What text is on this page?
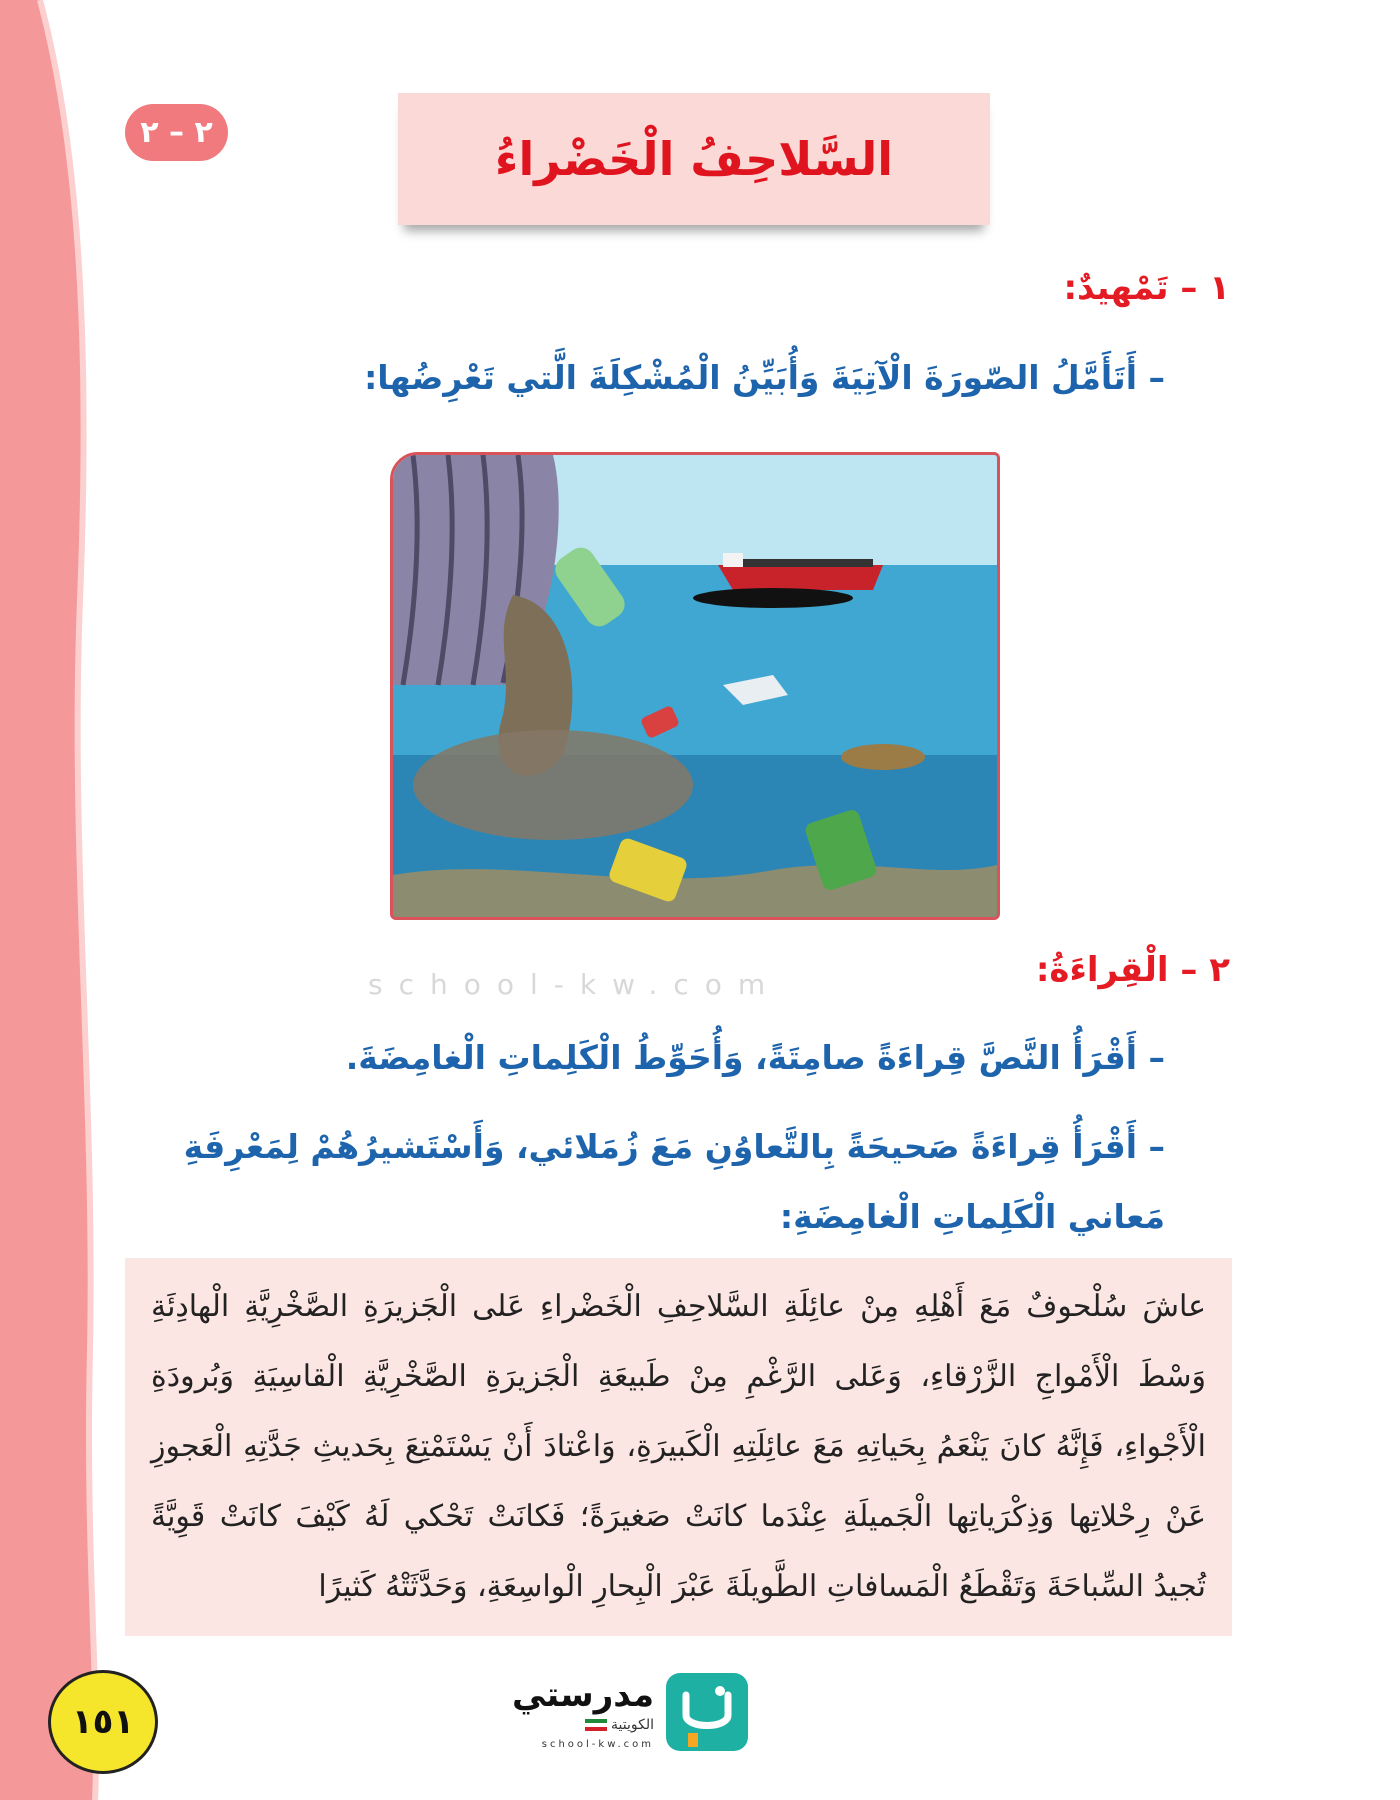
٢ – ٢	السَّلاحِفُ الْخَضْراءُ
١ – تَمْهيدٌ:
– أَتَأَمَّلُ الصّورَةَ الْآتِيَةَ وَأُبَيِّنُ الْمُشْكِلَةَ الَّتي تَعْرِضُها:
school-kw.com	٢ – الْقِراءَةُ:
– أَقْرَأُ النَّصَّ قِراءَةً صامِتَةً، وَأُحَوِّطُ الْكَلِماتِ الْغامِضَةَ.
– أَقْرَأُ قِراءَةً صَحيحَةً بِالتَّعاوُنِ مَعَ زُمَلائي، وَأَسْتَشيرُهُمْ لِمَعْرِفَةِ مَعاني الْكَلِماتِ الْغامِضَةِ:
عاشَ سُلْحوفٌ مَعَ أَهْلِهِ مِنْ عائِلَةِ السَّلاحِفِ الْخَضْراءِ عَلى الْجَزيرَةِ الصَّخْرِيَّةِ الْهادِئَةِ وَسْطَ الْأَمْواجِ الزَّرْقاءِ، وَعَلى الرَّغْمِ مِنْ طَبيعَةِ الْجَزيرَةِ الصَّخْرِيَّةِ الْقاسِيَةِ وَبُرودَةِ الْأَجْواءِ، فَإِنَّهُ كانَ يَنْعَمُ بِحَياتِهِ مَعَ عائِلَتِهِ الْكَبيرَةِ، وَاعْتادَ أَنْ يَسْتَمْتِعَ بِحَديثِ جَدَّتِهِ الْعَجوزِ عَنْ رِحْلاتِها وَذِكْرَياتِها الْجَميلَةِ عِنْدَما كانَتْ صَغيرَةً؛ فَكانَتْ تَحْكي لَهُ كَيْفَ كانَتْ قَوِيَّةً تُجيدُ السِّباحَةَ وَتَقْطَعُ الْمَسافاتِ الطَّويلَةَ عَبْرَ الْبِحارِ الْواسِعَةِ، وَحَدَّثَتْهُ كَثيرًا
١٥١
مدرستي
الكويتية
school-kw.com
